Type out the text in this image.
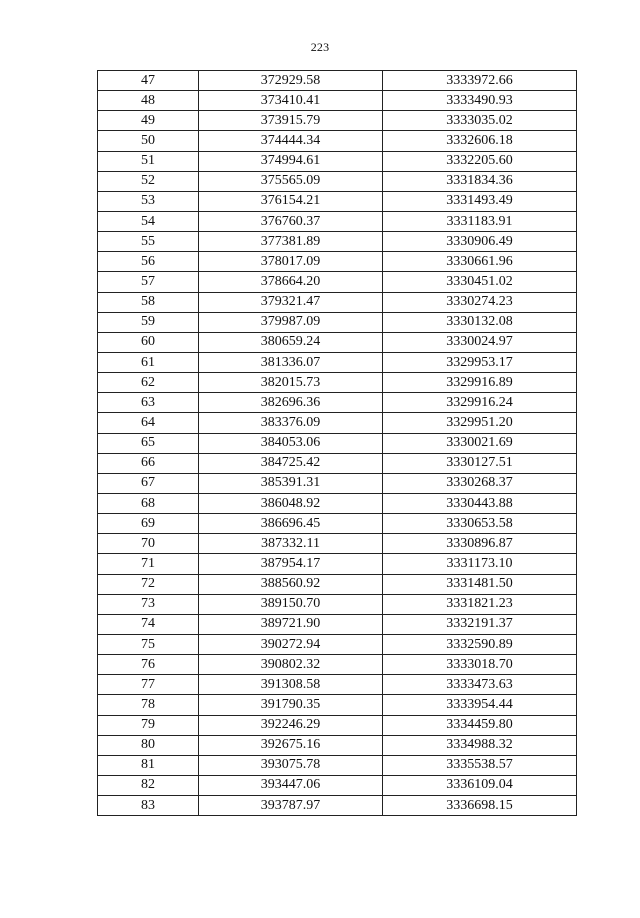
223
47	372929.58	3333972.66
48	373410.41	3333490.93
49	373915.79	3333035.02
50	374444.34	3332606.18
51	374994.61	3332205.60
52	375565.09	3331834.36
53	376154.21	3331493.49
54	376760.37	3331183.91
55	377381.89	3330906.49
56	378017.09	3330661.96
57	378664.20	3330451.02
58	379321.47	3330274.23
59	379987.09	3330132.08
60	380659.24	3330024.97
61	381336.07	3329953.17
62	382015.73	3329916.89
63	382696.36	3329916.24
64	383376.09	3329951.20
65	384053.06	3330021.69
66	384725.42	3330127.51
67	385391.31	3330268.37
68	386048.92	3330443.88
69	386696.45	3330653.58
70	387332.11	3330896.87
71	387954.17	3331173.10
72	388560.92	3331481.50
73	389150.70	3331821.23
74	389721.90	3332191.37
75	390272.94	3332590.89
76	390802.32	3333018.70
77	391308.58	3333473.63
78	391790.35	3333954.44
79	392246.29	3334459.80
80	392675.16	3334988.32
81	393075.78	3335538.57
82	393447.06	3336109.04
83	393787.97	3336698.15
